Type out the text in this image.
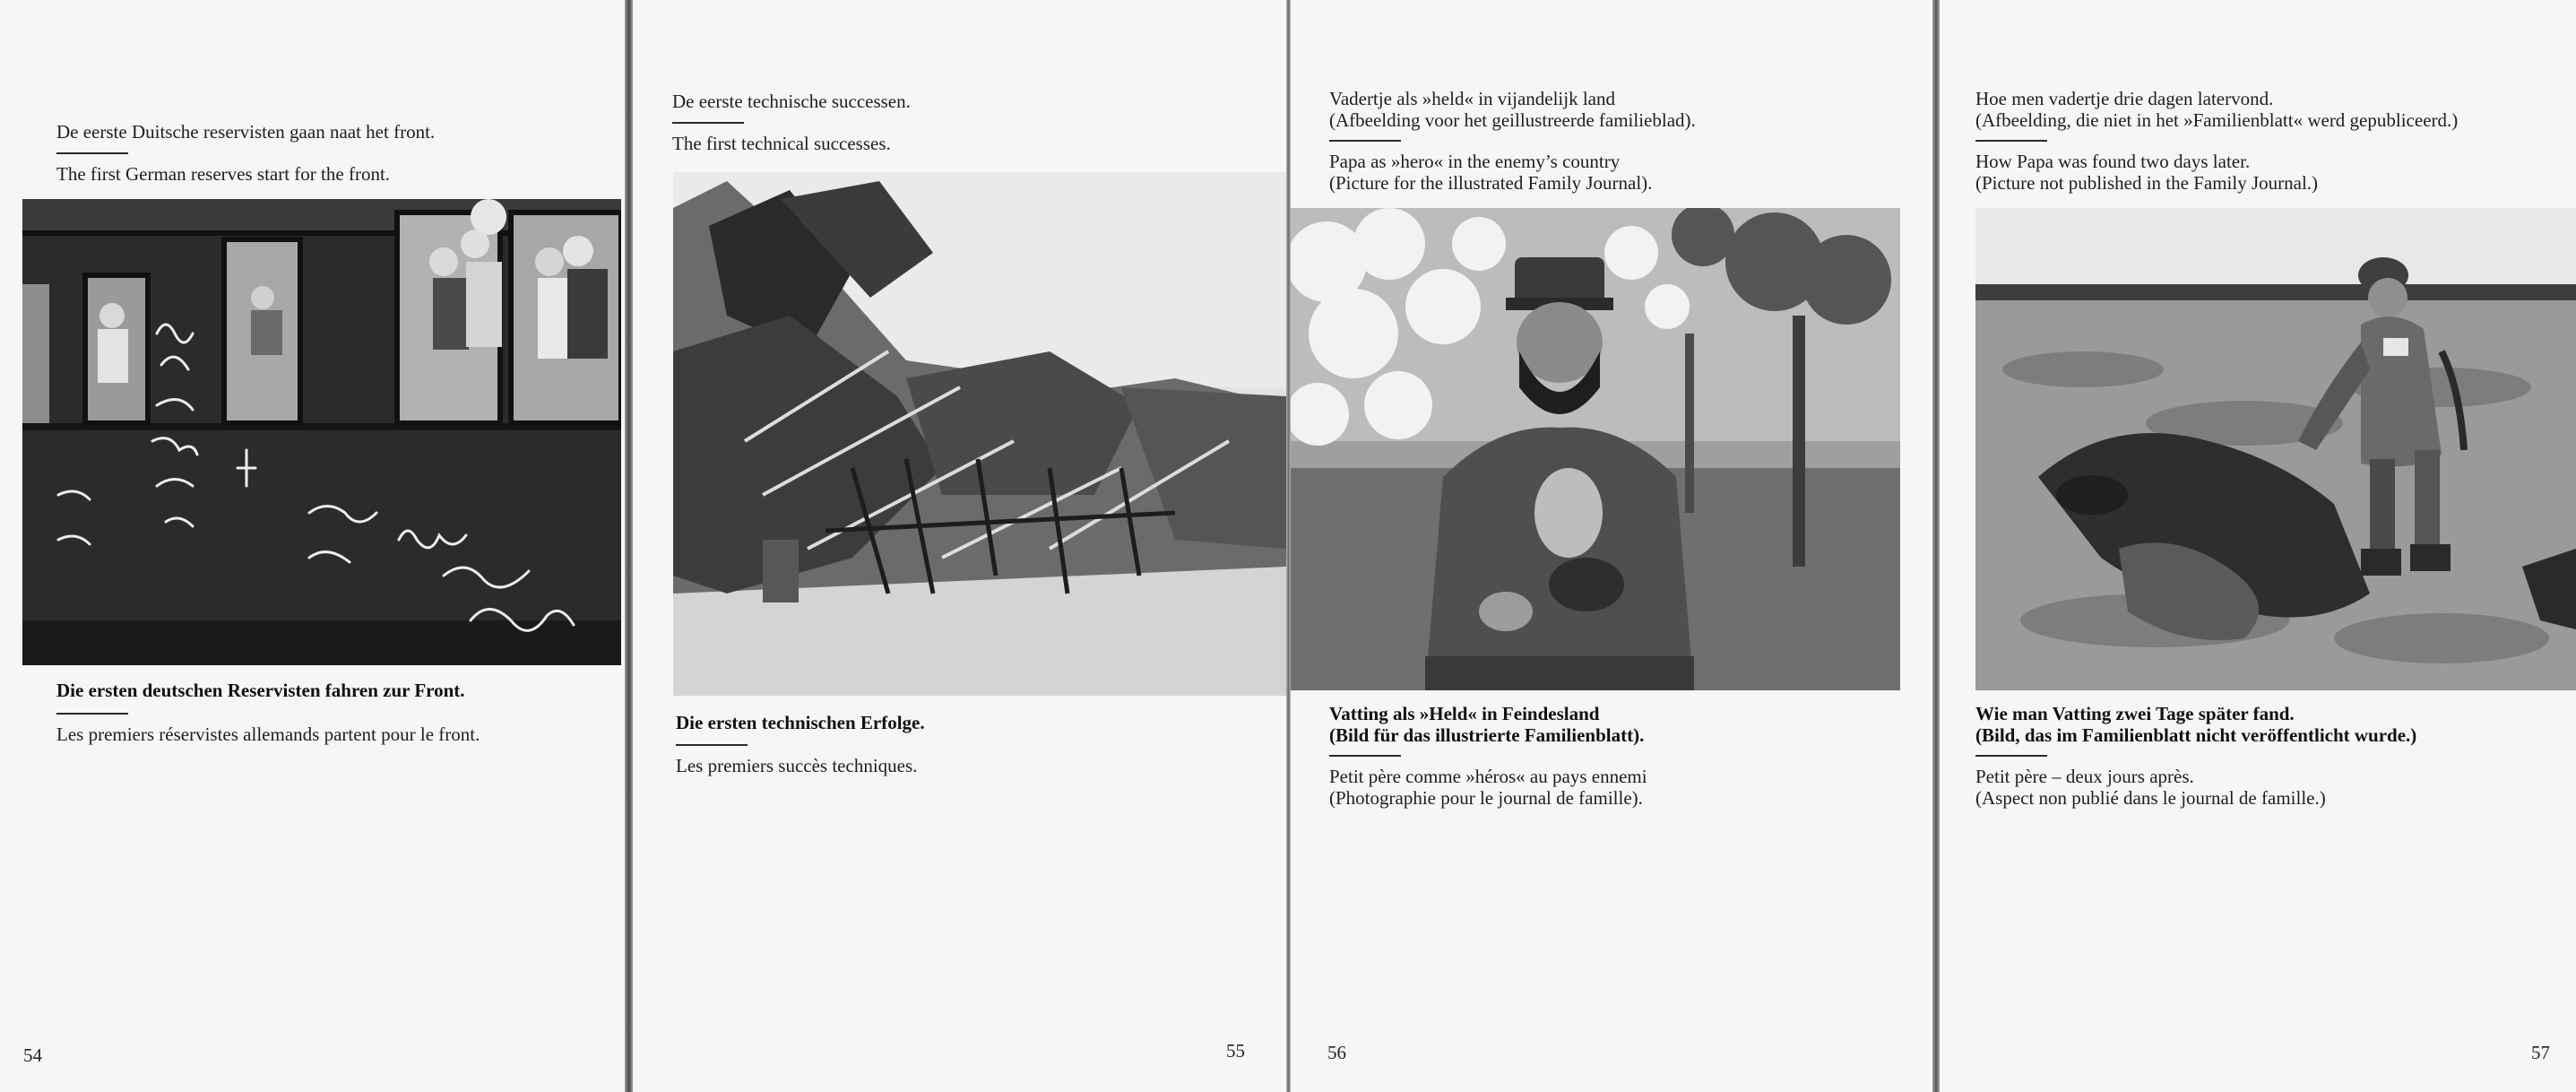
De eerste Duitsche reservisten gaan naat het front.
The first German reserves start for the front.
Die ersten deutschen Reservisten fahren zur Front.
Les premiers réservistes allemands partent pour le front.
54
De eerste technische successen.
The first technical successes.
Die ersten technischen Erfolge.
Les premiers succès techniques.
55
Vadertje als »held« in vijandelijk land
(Afbeelding voor het geillustreerde familieblad).
Papa as »hero« in the enemy’s country
(Picture for the illustrated Family Journal).
Vatting als »Held« in Feindesland
(Bild für das illustrierte Familienblatt).
Petit père comme »héros« au pays ennemi
(Photographie pour le journal de famille).
56
Hoe men vadertje drie dagen latervond.
(Afbeelding, die niet in het »Familienblatt« werd gepubliceerd.)
How Papa was found two days later.
(Picture not published in the Family Journal.)
Wie man Vatting zwei Tage später fand.
(Bild, das im Familienblatt nicht veröffentlicht wurde.)
Petit père – deux jours après.
(Aspect non publié dans le journal de famille.)
57
